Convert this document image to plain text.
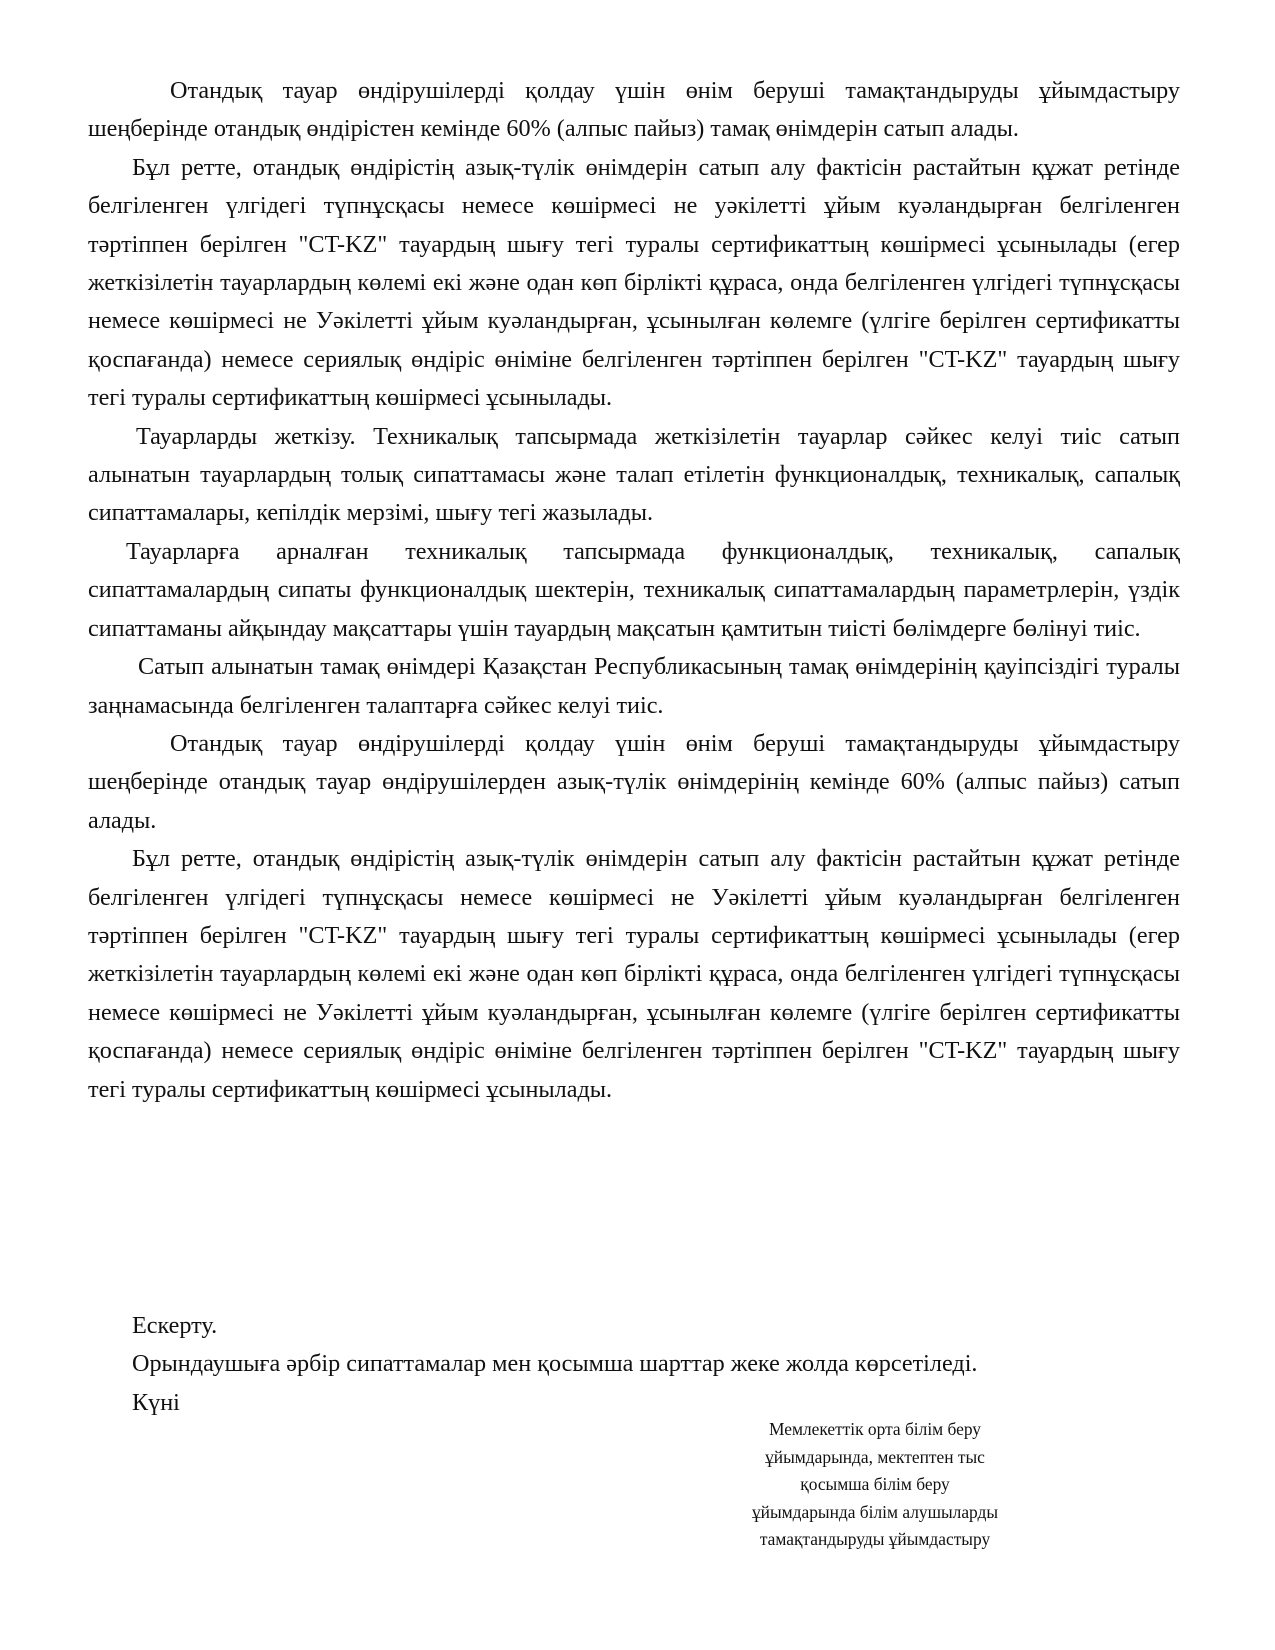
Отандық тауар өндірушілерді қолдау үшін өнім беруші тамақтандыруды ұйымдастыру шеңберінде отандық өндірістен кемінде 60% (алпыс пайыз) тамақ өнімдерін сатып алады.

Бұл ретте, отандық өндірістің азық-түлік өнімдерін сатып алу фактісін растайтын құжат ретінде белгіленген үлгідегі түпнұсқасы немесе көшірмесі не уәкілетті ұйым куәландырған белгіленген тәртіппен берілген "CT-KZ" тауардың шығу тегі туралы сертификаттың көшірмесі ұсынылады (егер жеткізілетін тауарлардың көлемі екі және одан көп бірлікті құраса, онда белгіленген үлгідегі түпнұсқасы немесе көшірмесі не Уәкілетті ұйым куәландырған, ұсынылған көлемге (үлгіге берілген сертификатты қоспағанда) немесе сериялық өндіріс өніміне белгіленген тәртіппен берілген "CT-KZ" тауардың шығу тегі туралы сертификаттың көшірмесі ұсынылады.

Тауарларды жеткізу. Техникалық тапсырмада жеткізілетін тауарлар сәйкес келуі тиіс сатып алынатын тауарлардың толық сипаттамасы және талап етілетін функционалдық, техникалық, сапалық сипаттамалары, кепілдік мерзімі, шығу тегі жазылады.

Тауарларға арналған техникалық тапсырмада функционалдық, техникалық, сапалық сипаттамалардың сипаты функционалдық шектерін, техникалық сипаттамалардың параметрлерін, үздік сипаттаманы айқындау мақсаттары үшін тауардың мақсатын қамтитын тиісті бөлімдерге бөлінуі тиіс.

Сатып алынатын тамақ өнімдері Қазақстан Республикасының тамақ өнімдерінің қауіпсіздігі туралы заңнамасында белгіленген талаптарға сәйкес келуі тиіс.

Отандық тауар өндірушілерді қолдау үшін өнім беруші тамақтандыруды ұйымдастыру шеңберінде отандық тауар өндірушілерден азық-түлік өнімдерінің кемінде 60% (алпыс пайыз) сатып алады.

Бұл ретте, отандық өндірістің азық-түлік өнімдерін сатып алу фактісін растайтын құжат ретінде белгіленген үлгідегі түпнұсқасы немесе көшірмесі не Уәкілетті ұйым куәландырған белгіленген тәртіппен берілген "CT-KZ" тауардың шығу тегі туралы сертификаттың көшірмесі ұсынылады (егер жеткізілетін тауарлардың көлемі екі және одан көп бірлікті құраса, онда белгіленген үлгідегі түпнұсқасы немесе көшірмесі не Уәкілетті ұйым куәландырған, ұсынылған көлемге (үлгіге берілген сертификатты қоспағанда) немесе сериялық өндіріс өніміне белгіленген тәртіппен берілген "CT-KZ" тауардың шығу тегі туралы сертификаттың көшірмесі ұсынылады.

Ескерту.

Орындаушыға әрбір сипаттамалар мен қосымша шарттар жеке жолда көрсетіледі.

Күні

Мемлекеттік орта білім беру

ұйымдарында, мектептен тыс

қосымша білім беру

ұйымдарында білім алушыларды

тамақтандыруды ұйымдастыру
